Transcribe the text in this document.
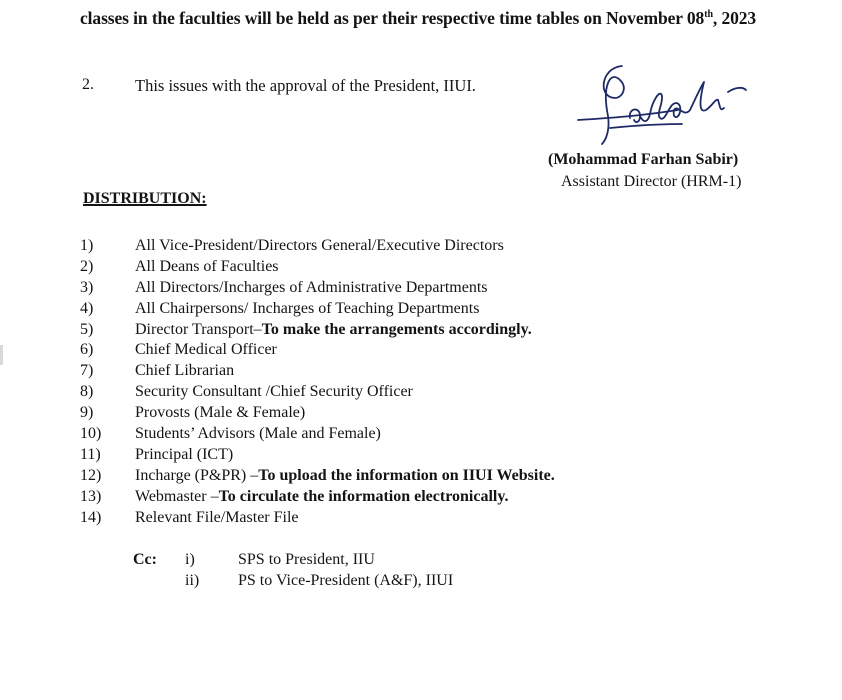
classes in the faculties will be held as per their respective time tables on November 08th, 2023
2. This issues with the approval of the President, IIUI.
(Mohammad Farhan Sabir)
Assistant Director (HRM-1)
DISTRIBUTION:
1)	All Vice-President/Directors General/Executive Directors
2)	All Deans of Faculties
3)	All Directors/Incharges of Administrative Departments
4)	All Chairpersons/ Incharges of Teaching Departments
5)	Director Transport– To make the arrangements accordingly.
6)	Chief Medical Officer
7)	Chief Librarian
8)	Security Consultant /Chief Security Officer
9)	Provosts (Male & Female)
10)	Students’ Advisors (Male and Female)
11)	Principal (ICT)
12)	Incharge (P&PR) – To upload the information on IIUI Website.
13)	Webmaster – To circulate the information electronically.
14)	Relevant File/Master File
Cc: i)	SPS to President, IIU
ii)	PS to Vice-President (A&F), IIUI
